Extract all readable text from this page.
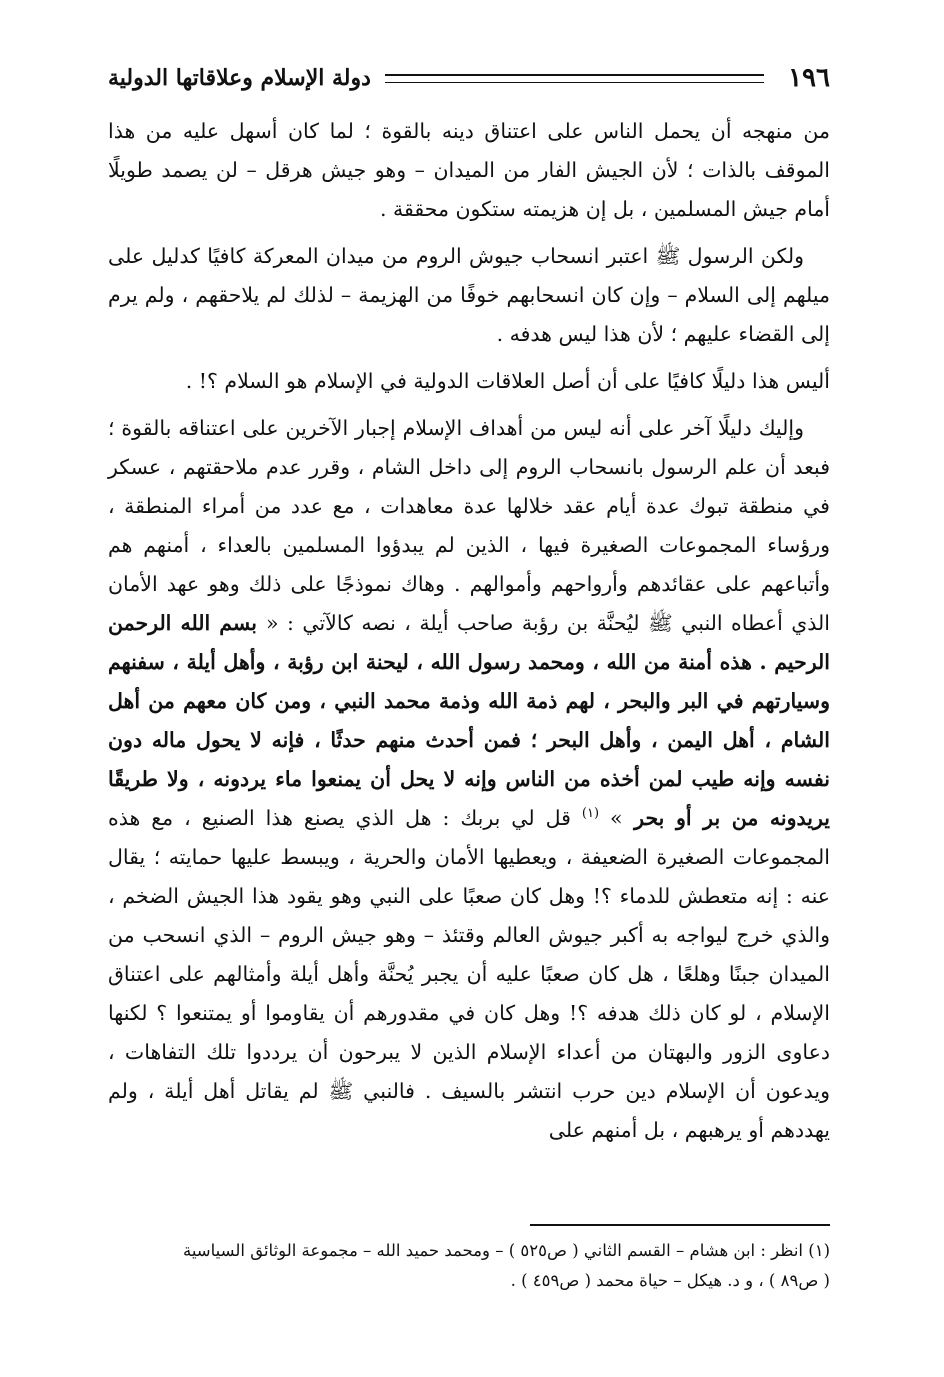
١٩٦
دولة الإسلام وعلاقاتها الدولية

من منهجه أن يحمل الناس على اعتناق دينه بالقوة ؛ لما كان أسهل عليه من هذا الموقف بالذات ؛ لأن الجيش الفار من الميدان – وهو جيش هرقل – لن يصمد طويلًا أمام جيش المسلمين ، بل إن هزيمته ستكون محققة .

ولكن الرسول ﷺ اعتبر انسحاب جيوش الروم من ميدان المعركة كافيًا كدليل على ميلهم إلى السلام – وإن كان انسحابهم خوفًا من الهزيمة – لذلك لم يلاحقهم ، ولم يرم إلى القضاء عليهم ؛ لأن هذا ليس هدفه .

أليس هذا دليلًا كافيًا على أن أصل العلاقات الدولية في الإسلام هو السلام ؟! .

وإليك دليلًا آخر على أنه ليس من أهداف الإسلام إجبار الآخرين على اعتناقه بالقوة ؛ فبعد أن علم الرسول بانسحاب الروم إلى داخل الشام ، وقرر عدم ملاحقتهم ، عسكر في منطقة تبوك عدة أيام عقد خلالها عدة معاهدات ، مع عدد من أمراء المنطقة ، ورؤساء المجموعات الصغيرة فيها ، الذين لم يبدؤوا المسلمين بالعداء ، أمنهم هم وأتباعهم على عقائدهم وأرواحهم وأموالهم . وهاك نموذجًا على ذلك وهو عهد الأمان الذي أعطاه النبي ﷺ ليُحنَّة بن رؤبة صاحب أيلة ، نصه كالآتي : « بسم الله الرحمن الرحيم . هذه أمنة من الله ، ومحمد رسول الله ، ليحنة ابن رؤبة ، وأهل أيلة ، سفنهم وسيارتهم في البر والبحر ، لهم ذمة الله وذمة محمد النبي ، ومن كان معهم من أهل الشام ، أهل اليمن ، وأهل البحر ؛ فمن أحدث منهم حدثًا ، فإنه لا يحول ماله دون نفسه وإنه طيب لمن أخذه من الناس وإنه لا يحل أن يمنعوا ماء يردونه ، ولا طريقًا يريدونه من بر أو بحر » $^{(١)}$ قل لي بربك : هل الذي يصنع هذا الصنيع ، مع هذه المجموعات الصغيرة الضعيفة ، ويعطيها الأمان والحرية ، ويبسط عليها حمايته ؛ يقال عنه : إنه متعطش للدماء ؟! وهل كان صعبًا على النبي وهو يقود هذا الجيش الضخم ، والذي خرج ليواجه به أكبر جيوش العالم وقتئذ – وهو جيش الروم – الذي انسحب من الميدان جبنًا وهلعًا ، هل كان صعبًا عليه أن يجبر يُحنَّة وأهل أيلة وأمثالهم على اعتناق الإسلام ، لو كان ذلك هدفه ؟! وهل كان في مقدورهم أن يقاوموا أو يمتنعوا ؟ لكنها دعاوى الزور والبهتان من أعداء الإسلام الذين لا يبرحون أن يرددوا تلك التفاهات ، ويدعون أن الإسلام دين حرب انتشر بالسيف . فالنبي ﷺ لم يقاتل أهل أيلة ، ولم يهددهم أو يرهبهم ، بل أمنهم على

(١) انظر : ابن هشام – القسم الثاني ( ص٥٢٥ ) – ومحمد حميد الله – مجموعة الوثائق السياسية

( ص٨٩ ) ، و د. هيكل – حياة محمد ( ص٤٥٩ ) .
